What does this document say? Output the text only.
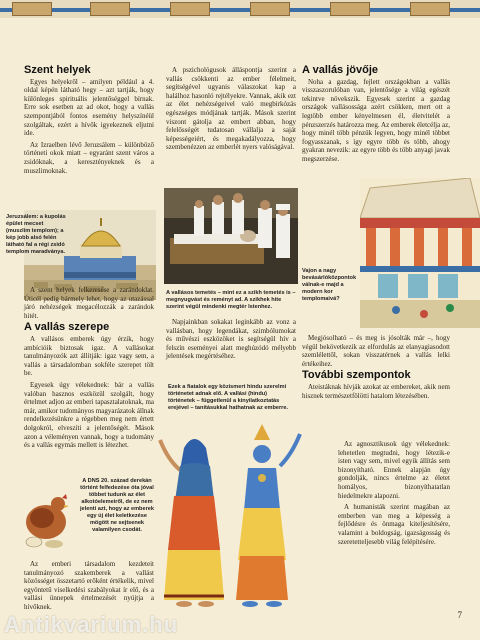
Szent helyek

Egyes helyekről – amilyen például a 4. oldal képén látható hegy – azt tartják, hogy különleges spirituális jelentőséggel bírnak. Erre sok esetben az ad okot, hogy a vallás szempontjából fontos esemény helyszínéül szolgáltak, ezért a hívők igyekeznek eljutni ide.

Az Izraelben lévő Jeruzsálem – különböző történeti okok miatt – egyaránt szent város a zsidóknak, a keresztényeknek és a muszlimoknak.

Jeruzsálem: a kupolás épület mecset (muszlim templom); a kép jobb alsó felén látható fal a régi zsidó templom maradványa.

A szent helyek felkeresése a zarándoklat. Úticél pedig bármely lehet, hogy az utazással járó nehézségek megacélozzák a zarándok hitét.

A vallás szerepe

A vallásos emberek úgy érzik, hogy ambícióik biztosak igaz. A vallásokat tanulmányozók azt állítják: igaz vagy sem, a vallás a társadalomban sokféle szerepet tölt be.

Egyesek úgy vélekednek: bár a vallás valóban hasznos eszközül szolgált, hogy értelmet adjon az emberi tapasztalatoknak, ma már, amikor tudományos magyarázatok állnak rendelkezésünkre a régebben meg nem értett dolgokról, elveszíti a jelentőségét. Mások azon a véleményen vannak, hogy a tudomány és a vallás egymás mellett is létezhet.

A DNS 20. század derekán történt felfedezése óta jóval többet tudunk az élet alkotóelemeiről, de ez nem jelenti azt, hogy az emberek egy új élet keletkezése mögött ne sejtsenek valamilyen csodát.

Az emberi társadalom kezdeteit tanulmányozó szakemberek a vallást közösséget összetartó erőként értékelik, mivel egyöntetű viselkedési szabályokat ír elő, és a vallási ünnepek értelmezését nyújtja a hívőknek.

A pszichológusok álláspontja szerint a vallás csökkenti az ember félelmeit, segítségével ugyanis válaszokat kap a halálhoz hasonló rejtélyekre. Vannak, akik ezt az élet nehézségeivel való megbirkózás egészséges módjának tartják. Mások szerint viszont gátolja az embert abban, hogy felelősségét tudatosan vállalja a saját képességeiért, és megakadályozza, hogy szembenézzen az emberlét nyers valóságával.

A vallásos temetés – mint ez a szikh temetés is – megnyugvást és reményt ad. A szikhek hite szerint végül mindenki megtér Istenhez.

Napjainkban sokakat leginkább az vonz a vallásban, hogy legendákat, szimbólumokat és művészi eszközöket is segítségül hív a felszín eseményei alatt meghúzódó mélyebb jelentések megértéséhez.

Ezek a fiatalok egy közismert hindu szerelmi történetet adnak elő. A vallási (hindu) történetek – függetlenül a kinyilatkoztatás erejével – tanításukkal hathatnak az emberre.
A vallás jövője

Noha a gazdag, fejlett országokban a vallás visszaszorulóban van, jelentősége a világ egészét tekintve növekszik. Egyesek szerint a gazdag országok vallásossága azért csökken, mert ott a legtöbb ember kényelmesen él, életvitelét a pénzszerzés határozza meg. Az emberek életcélja az, hogy minél több pénzük legyen, hogy minél többet fogyasszanak, s így egyre több és több, ahogy gyakran nevezik: az egyre több és több anyagi javak megszerzése.

Vajon a nagy bevásárlóközpontok válnak-e majd a modern kor templomaivá?

Megjósolható – és meg is jósolták már –, hogy végül bekövetkezik az elfordulás az elanyagiasodott szemlélettől, sokan visszatérnek a vallás lelki értékeihez.

További szempontok

Ateistáknak hívják azokat az embereket, akik nem hisznek természetfölötti hatalom létezésében.

Az agnosztikusok úgy vélekednek: lehetetlen megtudni, hogy létezik-e isten vagy sem, mivel egyik állítás sem bizonyítható. Ennek alapján úgy gondolják, nincs értelme az életet homályos, bizonyíthatatlan hiedelmekre alapozni.

A humanisták szerint magában az emberben van meg a képesség a fejlődésre és önmaga kiteljesítésére, valamint a boldogság, igazságosság és szeretetteljesebb világ felépítésére.

7
Antikvarium.hu
